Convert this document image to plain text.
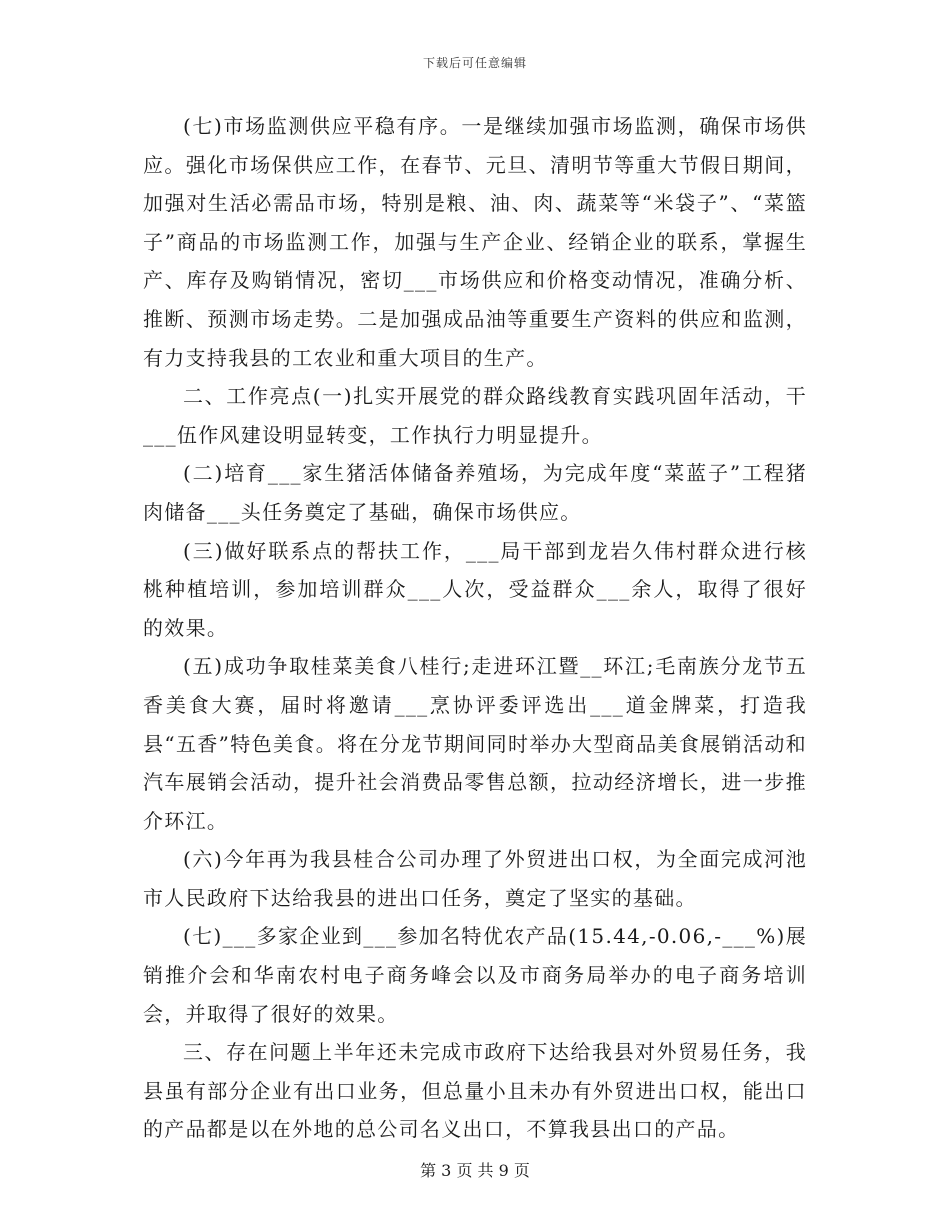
下载后可任意编辑

(七)市场监测供应平稳有序。一是继续加强市场监测，确保市场供应。强化市场保供应工作，在春节、元旦、清明节等重大节假日期间，加强对生活必需品市场，特别是粮、油、肉、蔬菜等“米袋子”、“菜篮子”商品的市场监测工作，加强与生产企业、经销企业的联系，掌握生产、库存及购销情况，密切___市场供应和价格变动情况，准确分析、推断、预测市场走势。二是加强成品油等重要生产资料的供应和监测，有力支持我县的工农业和重大项目的生产。

二、工作亮点(一)扎实开展党的群众路线教育实践巩固年活动，干___伍作风建设明显转变，工作执行力明显提升。

(二)培育___家生猪活体储备养殖场，为完成年度“菜蓝子”工程猪肉储备___头任务奠定了基础，确保市场供应。

(三)做好联系点的帮扶工作，___局干部到龙岩久伟村群众进行核桃种植培训，参加培训群众___人次，受益群众___余人，取得了很好的效果。

(五)成功争取桂菜美食八桂行;走进环江暨__环江;毛南族分龙节五香美食大赛，届时将邀请___烹协评委评选出___道金牌菜，打造我县“五香”特色美食。将在分龙节期间同时举办大型商品美食展销活动和汽车展销会活动，提升社会消费品零售总额，拉动经济增长，进一步推介环江。

(六)今年再为我县桂合公司办理了外贸进出口权，为全面完成河池市人民政府下达给我县的进出口任务，奠定了坚实的基础。

(七)___多家企业到___参加名特优农产品(15.44,-0.06,-___%)展销推介会和华南农村电子商务峰会以及市商务局举办的电子商务培训会，并取得了很好的效果。

三、存在问题上半年还未完成市政府下达给我县对外贸易任务，我县虽有部分企业有出口业务，但总量小且未办有外贸进出口权，能出口的产品都是以在外地的总公司名义出口，不算我县出口的产品。

第 3 页 共 9 页
